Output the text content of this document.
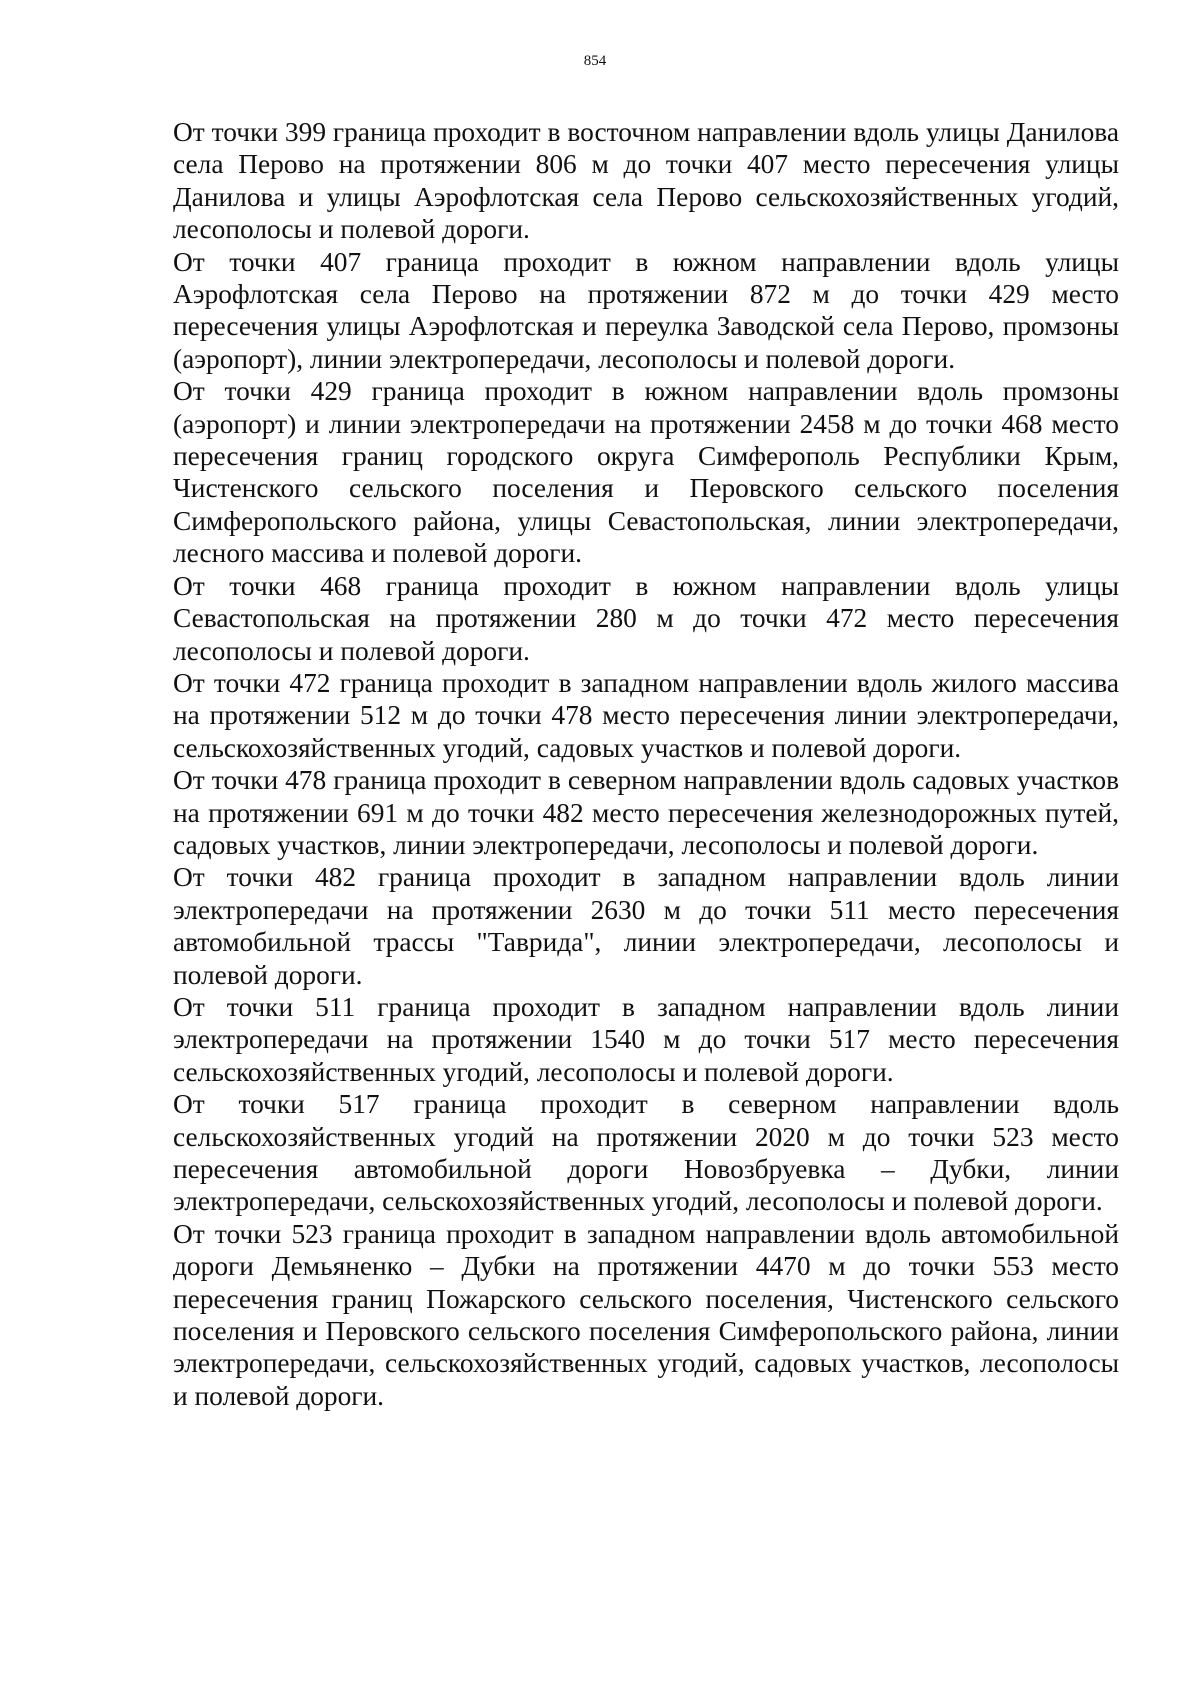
854

От точки 399 граница проходит в восточном направлении вдоль улицы Данилова села Перово на протяжении 806 м до точки 407 место пересечения улицы Данилова и улицы Аэрофлотская села Перово сельскохозяйственных угодий, лесополосы и полевой дороги.

От точки 407 граница проходит в южном направлении вдоль улицы Аэрофлотская села Перово на протяжении 872 м до точки 429 место пересечения улицы Аэрофлотская и переулка Заводской села Перово, промзоны (аэропорт), линии электропередачи, лесополосы и полевой дороги.

От точки 429 граница проходит в южном направлении вдоль промзоны (аэропорт) и линии электропередачи на протяжении 2458 м до точки 468 место пересечения границ городского округа Симферополь Республики Крым, Чистенского сельского поселения и Перовского сельского поселения Симферопольского района, улицы Севастопольская, линии электропередачи, лесного массива и полевой дороги.

От точки 468 граница проходит в южном направлении вдоль улицы Севастопольская на протяжении 280 м до точки 472 место пересечения лесополосы и полевой дороги.

От точки 472 граница проходит в западном направлении вдоль жилого массива на протяжении 512 м до точки 478 место пересечения линии электропередачи, сельскохозяйственных угодий, садовых участков и полевой дороги.

От точки 478 граница проходит в северном направлении вдоль садовых участков на протяжении 691 м до точки 482 место пересечения железнодорожных путей, садовых участков, линии электропередачи, лесополосы и полевой дороги.

От точки 482 граница проходит в западном направлении вдоль линии электропередачи на протяжении 2630 м до точки 511 место пересечения автомобильной трассы "Таврида", линии электропередачи, лесополосы и полевой дороги.

От точки 511 граница проходит в западном направлении вдоль линии электропередачи на протяжении 1540 м до точки 517 место пересечения сельскохозяйственных угодий, лесополосы и полевой дороги.

От точки 517 граница проходит в северном направлении вдоль сельскохозяйственных угодий на протяжении 2020 м до точки 523 место пересечения автомобильной дороги Новозбруевка – Дубки, линии электропередачи, сельскохозяйственных угодий, лесополосы и полевой дороги.

От точки 523 граница проходит в западном направлении вдоль автомобильной дороги Демьяненко – Дубки на протяжении 4470 м до точки 553 место пересечения границ Пожарского сельского поселения, Чистенского сельского поселения и Перовского сельского поселения Симферопольского района, линии электропередачи, сельскохозяйственных угодий, садовых участков, лесополосы и полевой дороги.
